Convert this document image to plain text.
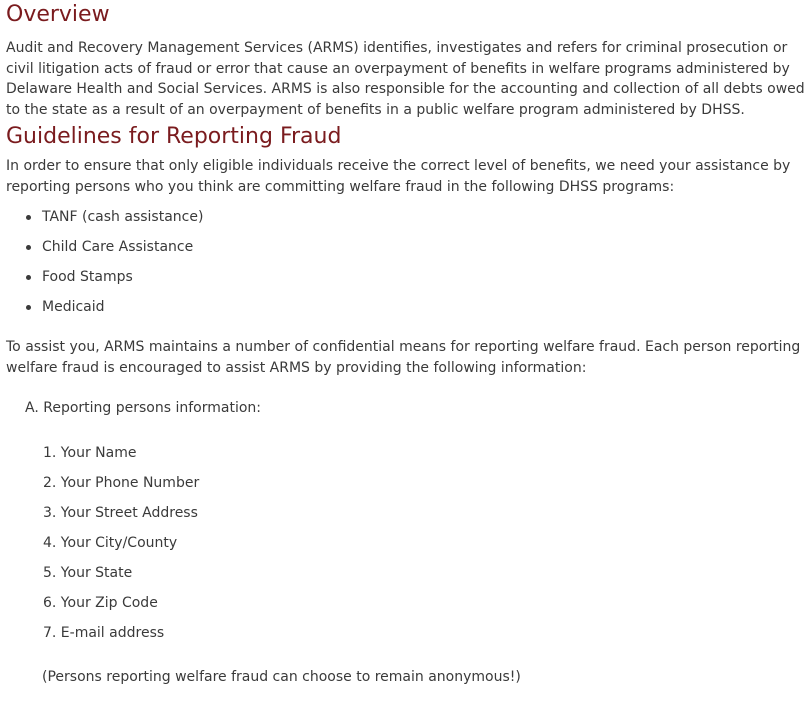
Overview

Audit and Recovery Management Services (ARMS) identifies, investigates and refers for criminal prosecution or civil litigation acts of fraud or error that cause an overpayment of benefits in welfare programs administered by Delaware Health and Social Services. ARMS is also responsible for the accounting and collection of all debts owed to the state as a result of an overpayment of benefits in a public welfare program administered by DHSS.

Guidelines for Reporting Fraud

In order to ensure that only eligible individuals receive the correct level of benefits, we need your assistance by reporting persons who you think are committing welfare fraud in the following DHSS programs:

TANF (cash assistance)
Child Care Assistance
Food Stamps
Medicaid

To assist you, ARMS maintains a number of confidential means for reporting welfare fraud. Each person reporting welfare fraud is encouraged to assist ARMS by providing the following information:

A. Reporting persons information:
1. Your Name
2. Your Phone Number
3. Your Street Address
4. Your City/County
5. Your State
6. Your Zip Code
7. E-mail address
(Persons reporting welfare fraud can choose to remain anonymous!)
